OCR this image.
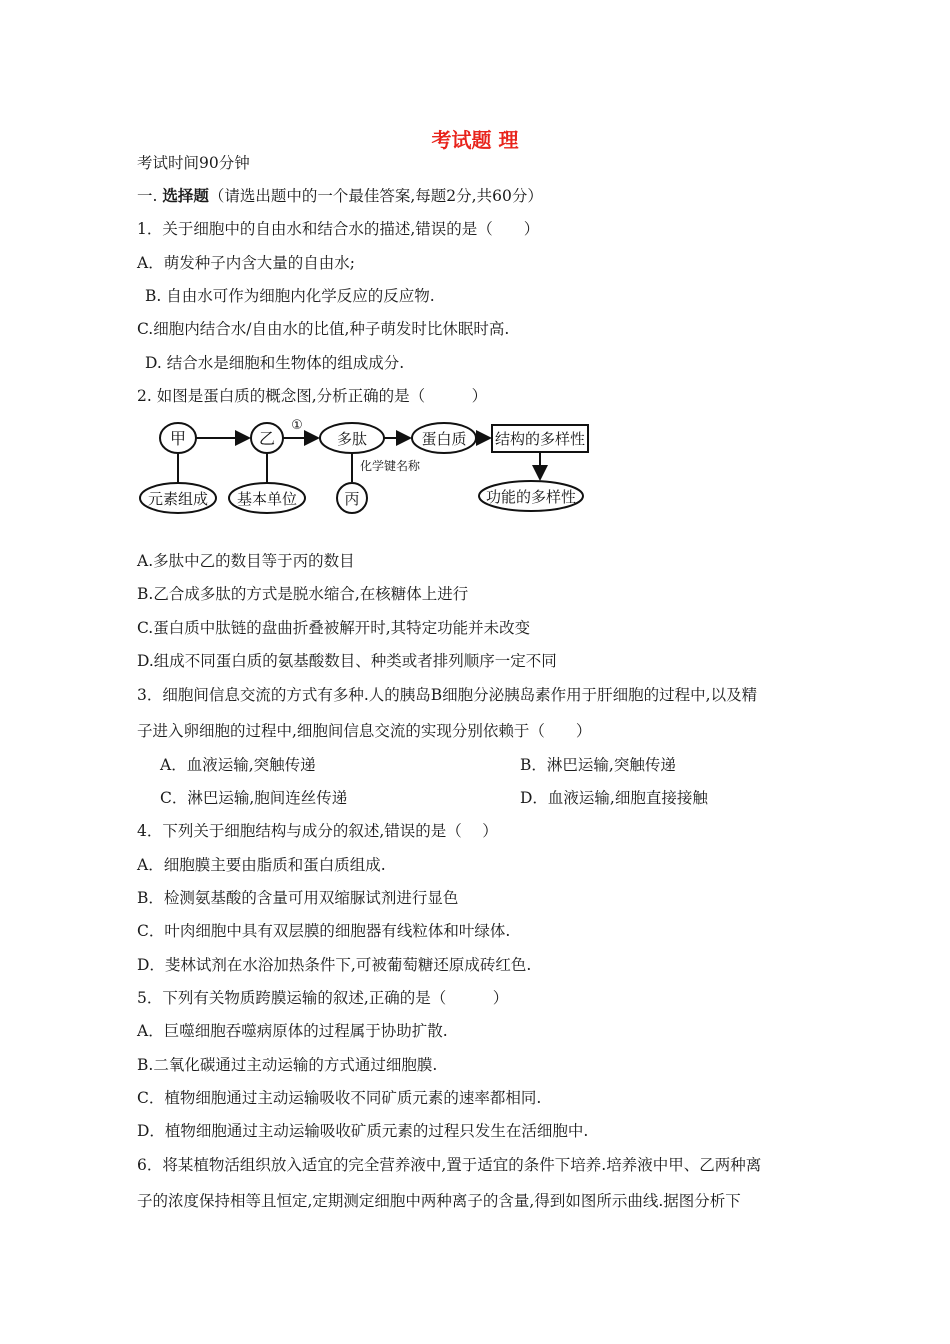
考试题 理
考试时间90分钟
一. 选择题（请选出题中的一个最佳答案,每题2分,共60分）
1．关于细胞中的自由水和结合水的描述,错误的是（　　）
A．萌发种子内含大量的自由水;
B. 自由水可作为细胞内化学反应的反应物.
C.细胞内结合水/自由水的比值,种子萌发时比休眠时高.
D. 结合水是细胞和生物体的组成成分.
2. 如图是蛋白质的概念图,分析正确的是（　　　）
甲	乙
①
多肽	蛋白质 结构的多样性
化学键名称
元素组成 基本单位	丙	功能的多样性
A.多肽中乙的数目等于丙的数目
B.乙合成多肽的方式是脱水缩合,在核糖体上进行
C.蛋白质中肽链的盘曲折叠被解开时,其特定功能并未改变
D.组成不同蛋白质的氨基酸数目、种类或者排列顺序一定不同
3．细胞间信息交流的方式有多种.人的胰岛B细胞分泌胰岛素作用于肝细胞的过程中,以及精
子进入卵细胞的过程中,细胞间信息交流的实现分别依赖于（　　）
A．血液运输,突触传递	B．淋巴运输,突触传递
C．淋巴运输,胞间连丝传递	D．血液运输,细胞直接接触
4．下列关于细胞结构与成分的叙述,错误的是（　 ）
A．细胞膜主要由脂质和蛋白质组成.
B．检测氨基酸的含量可用双缩脲试剂进行显色
C．叶肉细胞中具有双层膜的细胞器有线粒体和叶绿体.
D．斐林试剂在水浴加热条件下,可被葡萄糖还原成砖红色.
5．下列有关物质跨膜运输的叙述,正确的是（　　　）
A．巨噬细胞吞噬病原体的过程属于协助扩散.
B.二氧化碳通过主动运输的方式通过细胞膜.
C．植物细胞通过主动运输吸收不同矿质元素的速率都相同.
D．植物细胞通过主动运输吸收矿质元素的过程只发生在活细胞中.
6．将某植物活组织放入适宜的完全营养液中,置于适宜的条件下培养.培养液中甲、乙两种离
子的浓度保持相等且恒定,定期测定细胞中两种离子的含量,得到如图所示曲线.据图分析下
